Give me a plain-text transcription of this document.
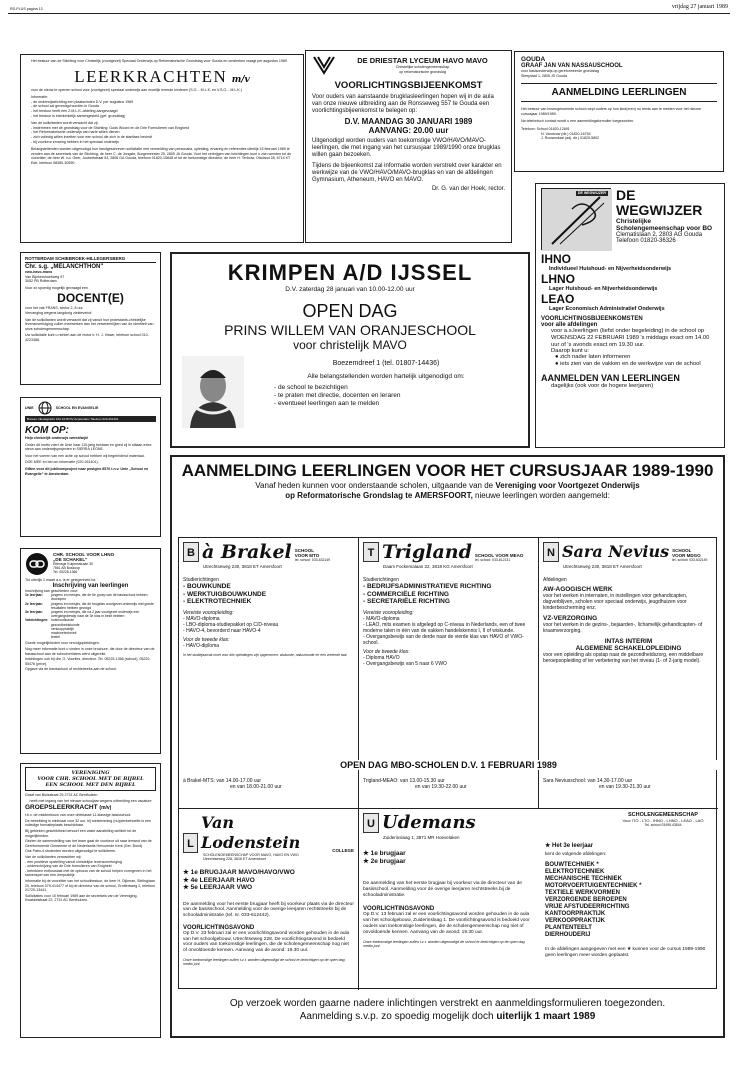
RD-PLUS pagina 13	vrijdag 27 januari 1989
Het bestuur van de Stichting voor Christelijk (voortgezet) Speciaal Onderwijs op Reformatorische Grondslag voor Gouda en omstreken vraagt per augustus 1989
LEERKRACHTEN m/v
voor de nieuw te openen school voor (voortgezet) speciaal onderwijs aan moeilijk lerende kinderen (S.O. - M.L.K. en V.S.O. - M.L.K.)
Informatie:
- de onderwijsstichting een plaatsvinden D.V. per augustus 1989
- de school zal gevestigd worden in Gouda
- het bestuur heeft een Z.M.L.K.-afdeling aangevraagd
- het bestuur is interkerkelijk samengesteld (gef. grondslag)
Van de sollicitanten wordt verwacht dat zij:
- instemmen met de grondslag voor de Stichting: Gods Woord en de Drie Formulieren van Enigheid
- het Reformatorische onderwijs van harte willen dienen
- zich volledig willen inzetten voor een school die zich in de startfase bevindt
- bij voorkeur ervaring hebben in het speciaal onderwijs
Belangstellenden worden uitgenodigd hun handgeschreven sollicitatie met vermelding van personalia, opleiding, ervaring en referenties uiterlijk 15 februari 1989 te zenden aan de secretaris van de Stichting, de heer C. de Jongste, Burgemeester 25, 2805 JA Gouda. Voor het verkrijgen van inlichtingen kunt u zich wenden tot de voorzitter, de heer W. v.d. Geer, Joubertstraat 53, 2806 GA Gouda, telefoon 01820-15848 of tot de toekomstige directeur, de heer H. Terlouw, Ottoland 28, 6714 KT Ede, telefoon 08380-30590.
DE DRIESTAR LYCEUM HAVO MAVO
Christelijke scholengemeenschap
op reformatorische grondslag
VOORLICHTINGSBIJEENKOMST
Voor ouders van aanstaande brugklasleerlingen hopen wij in de aula van onze nieuwe uitbreiding aan de Ronsseweg 557 te Gouda een voorlichtingsbijeenkomst te belegen op:
D.V. MAANDAG 30 JANUARI 1989
AANVANG: 20.00 uur
Uitgenodigd worden ouders van toekomstige VWO/HAVO/MAVO-leerlingen, die met ingang van het cursusjaar 1989/1990 onze brugklas willen gaan bezoeken.
Tijdens de bijeenkomst zal informatie worden verstrekt over karakter en werkwijze van de VWO/HAVO/MAVO-brugklas en van de afdelingen Gymnasium, Atheneum, HAVO en MAVO.
Dr. G. van der Hoek, rector.
GOUDA
GRAAF JAN VAN NASSAUSCHOOL
voor basisonderwijs op gereformeerde grondslag
Sleepstad 1, 2805 JS Gouda
AANMELDING LEERLINGEN
Het bestuur van bovengenoemde school roept ouders op hun kind(eren) nu reeds aan te melden voor het nieuwe cursusjaar 1989/1989.
Na telefonisch contact wordt u een aanmeldingsformulier toegezonden.
Telefoon: School 01820-12691
N. Vandouw (dir.) 01820-16754
J. Roosendaal (adj. dir.) 01820-5802
DE WEGWIJZER DE WEGWIJZER
Christelijke
Scholengemeenschap voor BO
Clematislaan 2, 2803 AG Gouda
Telefoon 01820-36326
IHNO
Individueel Huishoud- en Nijverheidsonderwijs
LHNO
Lager Huishoud- en Nijverheidsonderwijs
LEAO
Lager Economisch Administratief Onderwijs
VOORLICHTINGSBIJEENKOMSTEN
voor alle afdelingen
voor a.s.leerlingen (liefst onder begeleiding) in de school op WOENSDAG 22 FEBRUARI 1989 's middags exact om 14.00 uur of 's avonds exact om 19.30 uur.
Daarop kunt u:
● zich nader laten informeren
● iets zien van de vakken en de werkwijze van de school
AANMELDEN VAN LEERLINGEN
dagelijks (ook voor de hogere leerjaren)
ROTTERDAM SCHIEBROEK-HILLEGERSBERG
Chr. s.g. „MELANCHTHON"
vwo-havo-mavo
Van Bijnkershoekweg 97
3052 PB Rotterdam
Voor zo spoedig mogelijk gevraagd een
DOCENT(E)
voor het vak FRANS, sector 2, 8 uur.
Vervanging wegens langdurig ziekteverlof.
Van de sollicitanten wordt verwacht dat zij vanuit hun protestants-christelijke levensovertuiging zullen meewerken aan het verwezenlijken van de identiteit van onze scholengemeenschap.
Uw sollicitatie kunt u richten aan de rector ir. H. J. Visser, telefoon school 010-4223388.
UNIE	SCHOOL EN EVANGELIE
Bureau: Nieuwgracht 16A 1018 DV Amsterdam Telefoon 020-261401
KOM OP:
Help christelijk onderwijs wereldwijd
Onder dit motto voert de Unie haar 110-jarig bestaan en goed zij in stilaan extra steun aan onderwijsprojecten in SIERRA LEONE.
Voor het voeren van een actie op school hebben wij begeleidend materiaal.
DOE MEE en bel om informatie (020-261401).
Giften voor dit jubileumproject naar postgiro 8576 t.n.v. Unie „School en Evangelie" te Amsterdam.
CHR. SCHOOL VOOR LHNO
„DE SCHAKEL"
Ettensge Kuipersstraan 30
7861 AB Boskoop
Tel. 05225-1366
Tot uiterlijk 1 maart a.s. is er gelegenheid tot
Inschrijving van leerlingen
Inschrijving kan geschieden voor:
1e leerjaar:	jongens en meisjes, die de 6e groep van de basisschool hebben doorlopen
2e leerjaar:	jongens en meisjes, die de brugklas voortgezet onderwijs met goede resultaten hebben gevolgd
3e leerjaar:	jongens en meisjes, die na 2 jaar voortgezet onderwijs een overgangsbewijs naar de 3e klas in bezit hebben
Vakrichtingen: huishoudkunde
gezondheidskunde
verkooppraktijk
machinetechniek
textiel
Goede mogelijkheden voor vervolgopleidingen.
Nog meer informatie kunt u vinden in onze brochure, die door de directeur van de basisschool aan de schoolverlaters werd uitgereikt.
Inlichtingen ook bij dhr. G. Voorlies, directeur. Tel. 05225-1366 (school), 05220-55476 (prive).
Opgave via de basisschool of rechtstreeks aan de school.
VERENIGING
VOOR CHR. SCHOOL MET DE BIJBEL
EEN SCHOOL MET DEN BIJBEL
Graaf van Bloisstraat 25 2731 AC Benthuizen
heeft met ingang van het nieuwe schooljaar wegens uitbreiding een vacature
GROEPSLEERKRACHT (m/v)
t.b.v. de middenbouw van onze drieklasse 11-klassige basisschool.
De betrekking is minimaal voor 32 uur, bij toestemming (nu)plenbehoefte is een volledige formatieplaats beschikbaar.
Bij gebleken geschiktheid behoort een vaste aanstelling wellicht tot de mogelijkheden.
Gezien de samenstelling van het team gaat de voorkeur uit naar iemand van de Gereformeerde Gemeente of de Nederlands Hervormde Kerk (Ger. Bond).
Ook Pabo-4 studenten worden uitgenodigd te solliciteren.
Van de sollicitanten verwachten wij:
- een positieve opstelling vanuit christelijke levensovertuiging
- onderschrijving van de Drie formulieren van Enigheid
- betrokken enthousiast met de opbouw van de school helpen vormgeven in het samenspel van een leerpraktijk
Informatie bij de voorzitter van het schoolbestuur, de heer H. Dijkman, Stirlinglaan 20, telefoon 079-414477 of bij de directeur van de school, Gruttersweg 2, telefoon 01720-13441.
Sollicitaties voor 10 februari 1989 aan de secretaris van de Vereniging, Kwakkelstraat 22, 2731 AC Benthuizen.
KRIMPEN A/D IJSSEL
D.V. zaterdag 28 januari van 10.00-12.00 uur
OPEN DAG
PRINS WILLEM VAN ORANJESCHOOL
voor christelijk MAVO
Boezemdreef 1 (tel. 01807-14436)
Alle belangstellenden worden hartelijk uitgenodigd om:
- de school te bezichtigen
- te praten met directie, docenten en leraren
- eventueel leerlingen aan te melden
AANMELDING LEERLINGEN VOOR HET CURSUSJAAR 1989-1990
Vanaf heden kunnen voor onderstaande scholen, uitgaande van de Vereniging voor Voortgezet Onderwijs
op Reformatorische Grondslag te AMERSFOORT, nieuwe leerlingen worden aangemeld:
B à Brakel SCHOOL
VOOR MTO
tel. school: 033-632149
Utrechtseweg 230, 3818 ET Amersfoort
Studierichtingen
- BOUWKUNDE
- WERKTUIGBOUWKUNDE
- ELEKTROTECHNIEK
Vereiste vooropleiding:
- MAVO-diploma
- LBO-diploma-studiepakket op C/D-niveau
- HAVO-4, bevorderd naar HAVO-4
Voor de tweede klas:
- HAVO-diploma
In het studiejaarvak moet voor alle opleidingen zijn opgenomen: wiskunde, natuurkunde en een vreemde taal.
à Brakel-MTS: van 14.00-17.00 uur
en van 18.00-21.00 uur
T Trigland SCHOOL VOOR MEAO
tel. school: 033-612131
Daam Fockemalaan 22, 3818 KG Amersfoort
Studierichtingen
- BEDRIJFSADMINISTRATIEVE RICHTING
- COMMERCIËLE RICHTING
- SECRETARIËLE RICHTING
Vereiste vooropleiding:
- MAVO-diploma
- LEAO, mits examen is afgelegd op C-niveau in Nederlands, een of twee moderne talen in één van de vakken handelskennis I, II of wiskunde.
- Overgangsbewijs van de derde naar de vierde klas van HAVO of VWO-school.
Voor de tweede klas:
- Diploma HAVO
- Overgangsbewijs van 5 naar 6 VWO
Trigland-MEAO: van 13.00-15.30 uur
en van 19.30-22.00 uur
N Sara Nevius SCHOOL
VOOR MDGO
tel. school: 033-632149
Utrechtseweg 230, 3818 ET Amersfoort
Afdelingen
AW-AGOGISCH WERK
voor het werken in internaten, in instellingen voor gehandicapten, dagverblijven, scholen voor speciaal onderwijs, jeugdhuizen voor kinderbescherming enz.
VZ-VERZORGING
voor het werken in de gezins-, bejaarden-, lichamelijk gehandicapten- of kraamverzorging.
INTAS INTERIM
ALGEMENE SCHAKELOPLEIDING
voor een opleiding als opstap naar de gezondheidszorg, een middelbare beroepsopleiding of ter verbetering van het niveau (1- of 2-jarig model).
Sara Neviusschool: van 14.30-17.00 uur
en van 19.30-21.30 uur
OPEN DAG MBO-SCHOLEN D.V. 1 FEBRUARI 1989
L
Van Lodenstein	COLLEGE
SCHOLENGEMEENSCHAP VOOR MAVO, HAVO EN VWO
Utrechtseweg 228, 3818 ET Amersfoort
★ 1e BRUGJAAR MAVO/HAVO/VWO
★ 4e LEERJAAR HAVO
★ 5e LEERJAAR VWO
De aanmelding voor het eerste brugjaar heeft bij voorkeur plaats via de directeur van de basisschool. Aanmelding voor de overige leerjaren rechtstreeks bij de schooladministratie (tel. nr. 033-612442).
VOORLICHTINGSAVOND
Op D.V. 23 februari zal er een voorlichtingsavond worden gehouden in de aula van het schoolgebouw, Utrechtseweg 228. De voorlichtingsavond is bedoeld voor ouders van toekomstige leerlingen, die de scholengemeenschap nog niet of onvoldoende kennen. Aanvang van de avond: 19.30 uur.
Onze toekomstige leerlingen zullen t.z.t. worden uitgenodigd de school te bezichtigen op de open dag medio juni.
U Udemans
Zuiderinslaag 1, 3871 MR Hoevelaken
★ 1e brugjaar
★ 2e brugjaar
De aanmelding van het eerste brugjaar bij voorkeur via de directeur van de basisschool. Aanmelding voor de overige leerjaren rechtstreeks bij de schooladministratie.
VOORLICHTINGSAVOND
Op D.V. 13 februari zal er een voorlichtingsavond worden gehouden in de aula van het schoolgebouw, Zuiderinslaag 1. De voorlichtingsavond is bedoeld voor ouders van toekomstige leerlingen, die de scholengemeenschap nog niet of onvoldoende kennen. Aanvang van de avond: 19.30 uur.
Onze toekomstige leerlingen zullen t.z.t. worden uitgenodigd de school te bezichtigen op de open dag medio juni.
SCHOLENGEMEENSCHAP
Voor ITO - LTO - IHNO - LHNO - LEAO - LAO
Tel. school 03495-43844
★ Het 3e leerjaar
kent de volgende afdelingen:
BOUWTECHNIEK *
ELEKTROTECHNIEK
MECHANISCHE TECHNIEK
MOTORVOERTUIGENTECHNIEK *
TEXTIELE WERKVORMEN
VERZORGENDE BEROEPEN
VRIJE AFSTUDEERRICHTING
KANTOORPRAKTIJK
VERKOOPPRAKTIJK
PLANTENTEELT
DIERHOUDERIJ
In de afdelingen aangegeven met een ★ kunnen voor de cursus 1989-1990 geen leerlingen meer worden geplaatst.
Op verzoek worden gaarne nadere inlichtingen verstrekt en aanmeldingsformulieren toegezonden.
Aanmelding s.v.p. zo spoedig mogelijk doch uiterlijk 1 maart 1989
